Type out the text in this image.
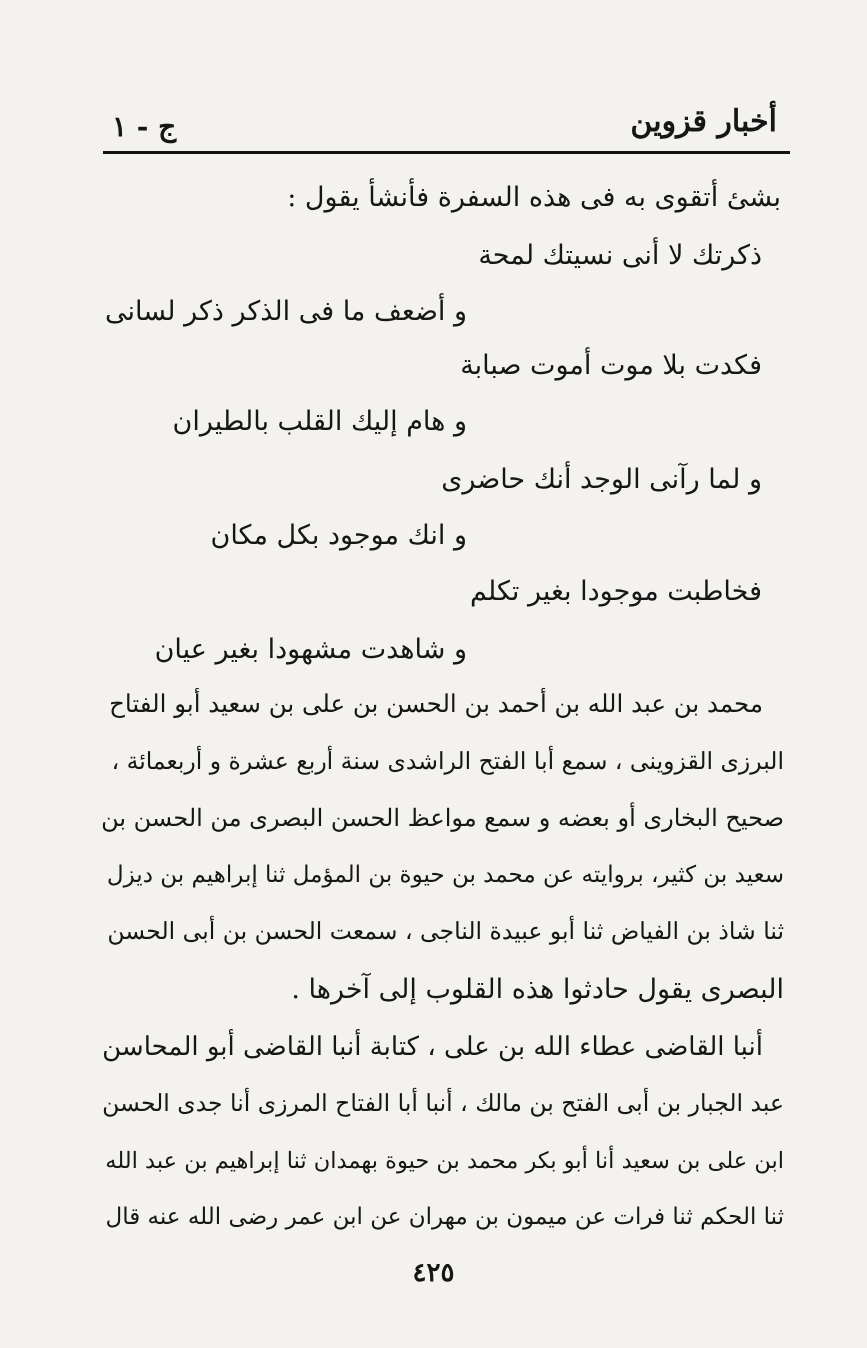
أخبار قزوين
ج - ١
بشئ أتقوى به فى هذه السفرة فأنشأ يقول :
ذكرتك لا أنى نسيتك لمحة
و أضعف ما فى الذكر ذكر لسانى
فكدت بلا موت أموت صبابة
و هام إليك القلب بالطيران
و لما رآنى الوجد أنك حاضرى
و انك موجود بكل مكان
فخاطبت موجودا بغير تكلم
و شاهدت مشهودا بغير عيان
محمد بن عبد الله بن أحمد بن الحسن بن على بن سعيد أبو الفتاح
البرزى القزوينى ، سمع أبا الفتح الراشدى سنة أربع عشرة و أربعمائة ،
صحيح البخارى أو بعضه و سمع مواعظ الحسن البصرى من الحسن بن
سعيد بن كثير، بروايته عن محمد بن حيوة بن المؤمل ثنا إبراهيم بن ديزل
ثنا شاذ بن الفياض ثنا أبو عبيدة الناجى ، سمعت الحسن بن أبى الحسن
البصرى يقول حادثوا هذه القلوب إلى آخرها .
أنبا القاضى عطاء الله بن على ، كتابة أنبا القاضى أبو المحاسن
عبد الجبار بن أبى الفتح بن مالك ، أنبا أبا الفتاح المرزى أنا جدى الحسن
ابن على بن سعيد أنا أبو بكر محمد بن حيوة بهمدان ثنا إبراهيم بن عبد الله
ثنا الحكم ثنا فرات عن ميمون بن مهران عن ابن عمر رضى الله عنه قال
٤٢٥
